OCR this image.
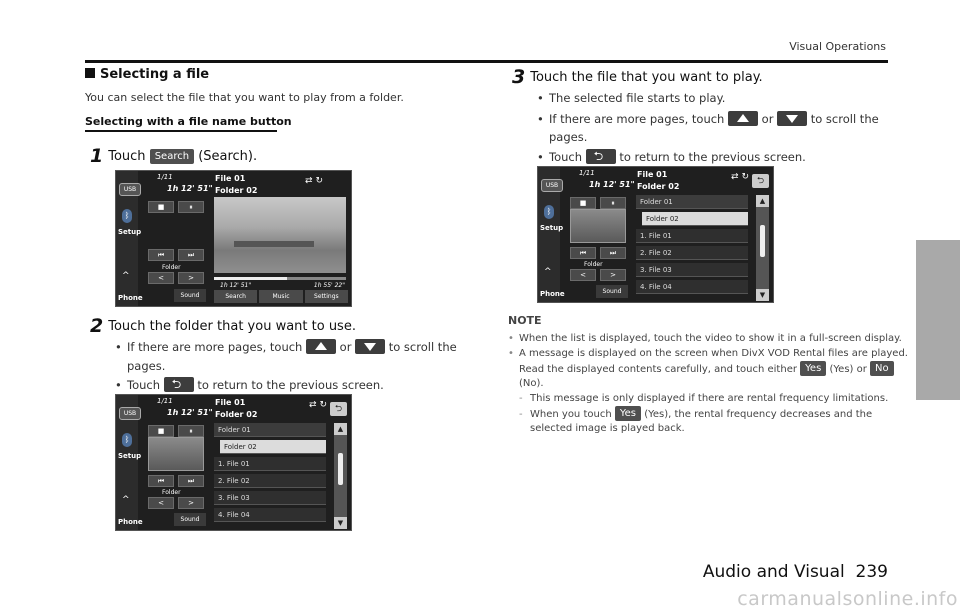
Visual Operations
Selecting a file
You can select the file that you want to play from a folder.
Selecting with a file name button
1 Touch Search (Search).
USB
ᛒ
Setup
^
Phone
1/11
1h 12' 51"
File 01
Folder 02
⇄ ↻
■	⏸
⏮	⏭
Folder
<	>
Sound
1h 12' 51"	1h 55' 22"
Search	Music	Settings
2 Touch the folder that you want to use.
• If there are more pages, touch	or	to scroll the
pages.
• Touch ⮌	to return to the previous screen.
USB
ᛒ
Setup
^
Phone
1/11
1h 12' 51"
File 01
Folder 02
⇄ ↻ ⮌
■	⏸
⏮	⏭
Folder
<	>
Sound
Folder 01
Folder 02
1. File 01
2. File 02
3. File 03
4. File 04
▲
▼
3 Touch the file that you want to play.
• The selected file starts to play.
• If there are more pages, touch	or	to scroll the
pages.
• Touch ⮌	to return to the previous screen.
USB
ᛒ
Setup
^
Phone
1/11
1h 12' 51"
File 01
Folder 02
⇄ ↻ ⮌
■	⏸
⏮	⏭
Folder
<	>
Sound
Folder 01
Folder 02
1. File 01
2. File 02
3. File 03
4. File 04
▲
▼
NOTE
• When the list is displayed, touch the video to show it in a full-screen display.
• A message is displayed on the screen when DivX VOD Rental files are played.
Read the displayed contents carefully, and touch either Yes (Yes) or No
(No).
- This message is only displayed if there are rental frequency limitations.
- When you touch Yes (Yes), the rental frequency decreases and the
selected image is played back.
Audio and Visual 239
carmanualsonline.info
